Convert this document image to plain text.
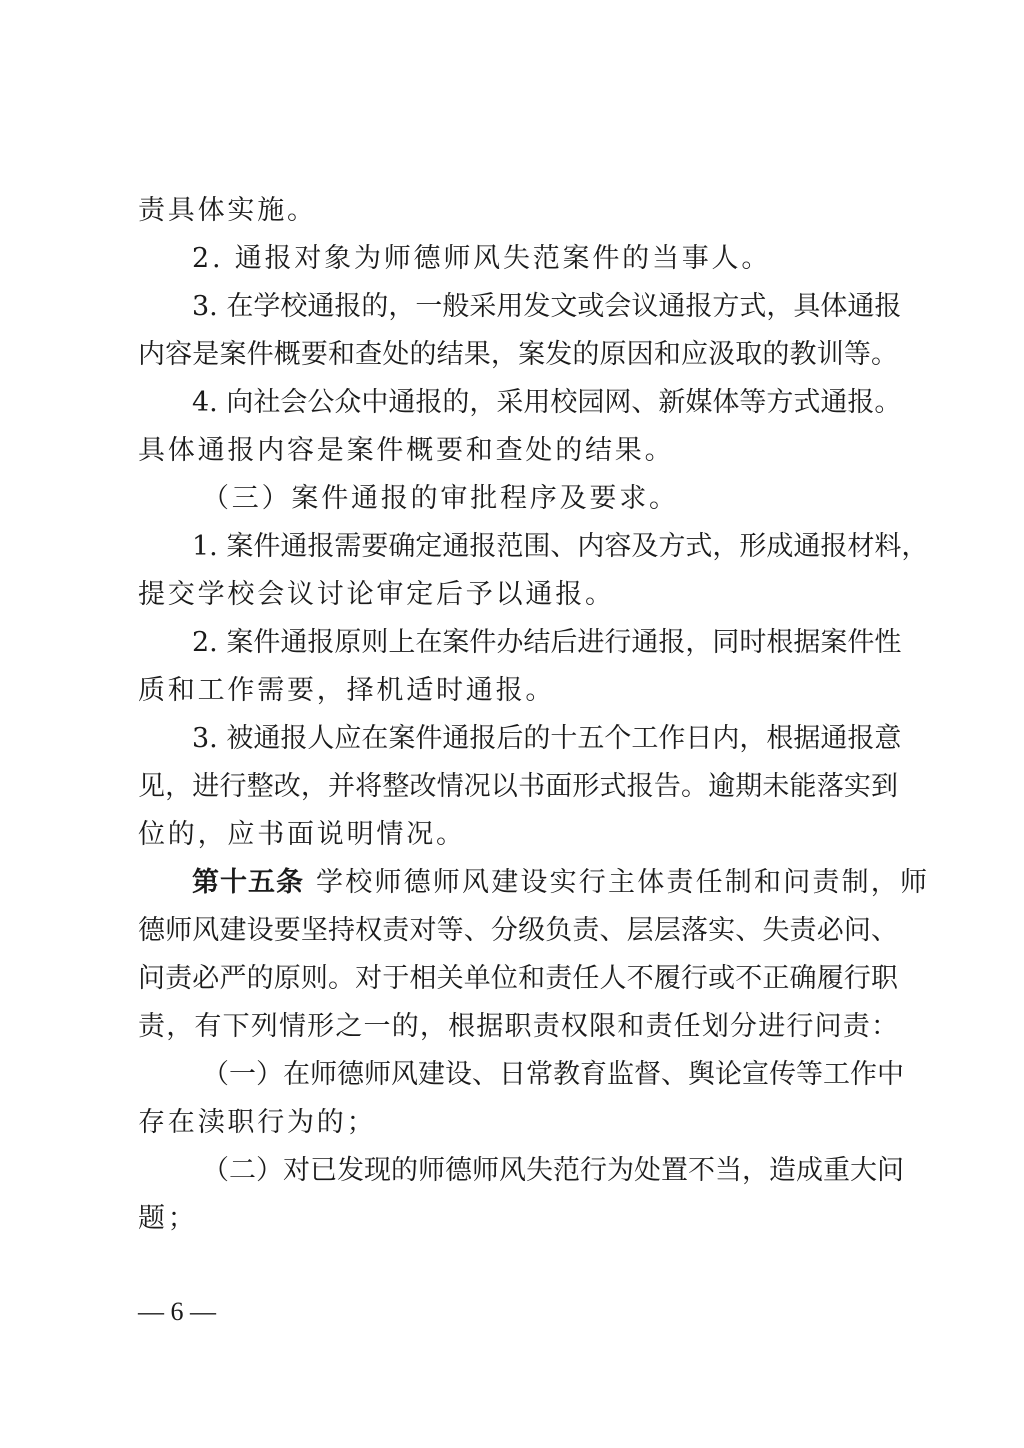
责具体实施。
2. 通报对象为师德师风失范案件的当事人。
3. 在学校通报的，一般采用发文或会议通报方式，具体通报
内容是案件概要和查处的结果，案发的原因和应汲取的教训等。
4. 向社会公众中通报的，采用校园网、新媒体等方式通报。
具体通报内容是案件概要和查处的结果。
（三）案件通报的审批程序及要求。
1. 案件通报需要确定通报范围、内容及方式，形成通报材料，
提交学校会议讨论审定后予以通报。
2. 案件通报原则上在案件办结后进行通报，同时根据案件性
质和工作需要，择机适时通报。
3. 被通报人应在案件通报后的十五个工作日内，根据通报意
见，进行整改，并将整改情况以书面形式报告。逾期未能落实到
位的，应书面说明情况。
第十五条 学校师德师风建设实行主体责任制和问责制，师
德师风建设要坚持权责对等、分级负责、层层落实、失责必问、
问责必严的原则。对于相关单位和责任人不履行或不正确履行职
责，有下列情形之一的，根据职责权限和责任划分进行问责：
（一）在师德师风建设、日常教育监督、舆论宣传等工作中
存在渎职行为的；
（二）对已发现的师德师风失范行为处置不当，造成重大问
题；
— 6 —
